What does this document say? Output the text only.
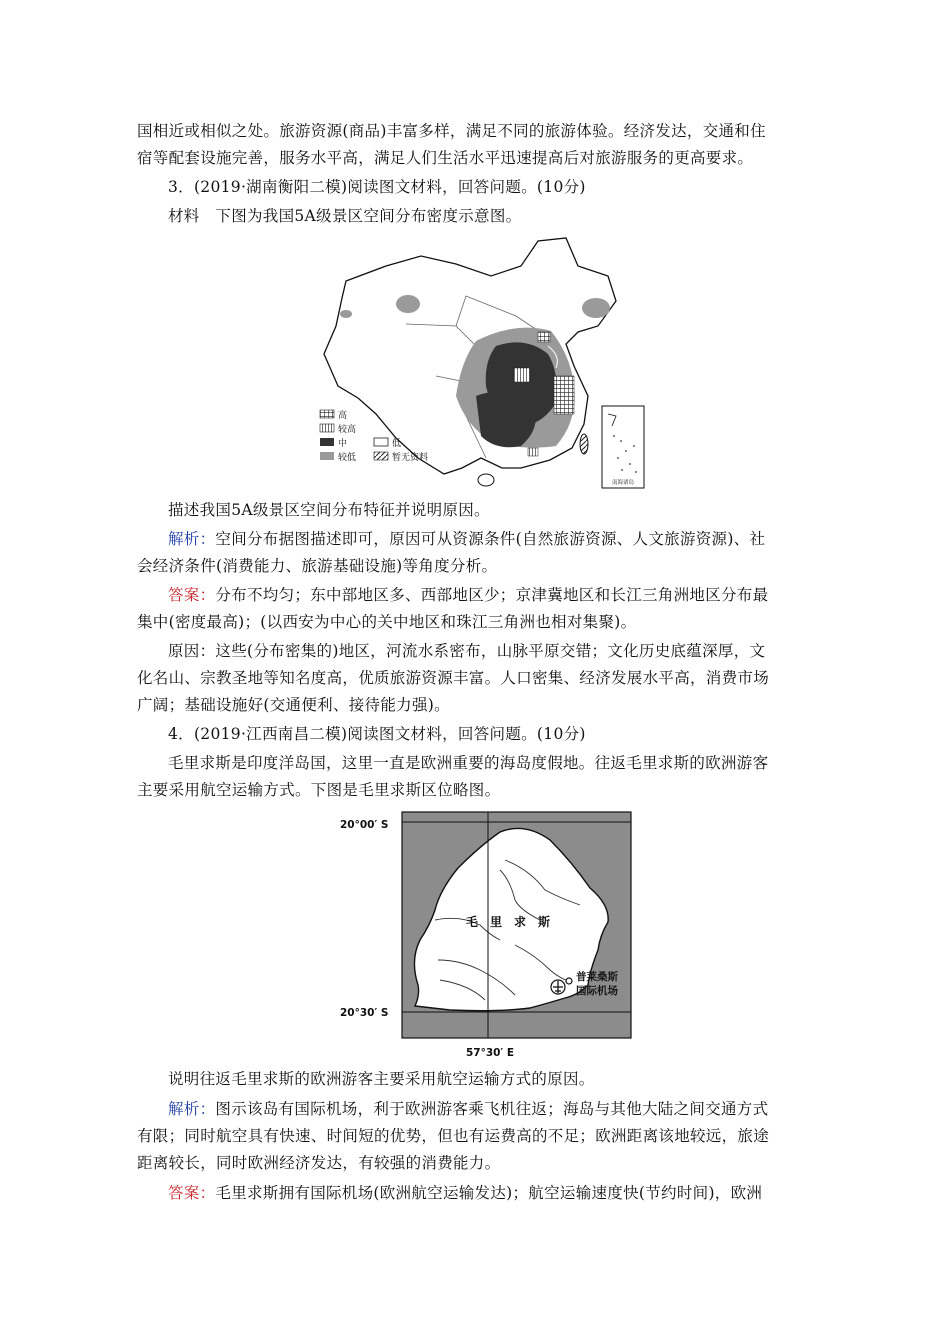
国相近或相似之处。旅游资源(商品)丰富多样，满足不同的旅游体验。经济发达，交通和住
宿等配套设施完善，服务水平高，满足人们生活水平迅速提高后对旅游服务的更高要求。
3．(2019·湖南衡阳二模)阅读图文材料，回答问题。(10分)
材料　下图为我国5A级景区空间分布密度示意图。
南海诸岛
高
较高
中	低
较低	暂无资料
描述我国5A级景区空间分布特征并说明原因。
解析：空间分布据图描述即可，原因可从资源条件(自然旅游资源、人文旅游资源)、社
会经济条件(消费能力、旅游基础设施)等角度分析。
答案：分布不均匀；东中部地区多、西部地区少；京津冀地区和长江三角洲地区分布最
集中(密度最高)；(以西安为中心的关中地区和珠江三角洲也相对集聚)。
原因：这些(分布密集的)地区，河流水系密布，山脉平原交错；文化历史底蕴深厚，文
化名山、宗教圣地等知名度高，优质旅游资源丰富。人口密集、经济发展水平高，消费市场
广阔；基础设施好(交通便利、接待能力强)。
4．(2019·江西南昌二模)阅读图文材料，回答问题。(10分)
毛里求斯是印度洋岛国，这里一直是欧洲重要的海岛度假地。往返毛里求斯的欧洲游客
主要采用航空运输方式。下图是毛里求斯区位略图。
20°00′ S
20°30′ S
57°30′ E
毛　里　求　斯
普莱桑斯
国际机场
说明往返毛里求斯的欧洲游客主要采用航空运输方式的原因。
解析：图示该岛有国际机场，利于欧洲游客乘飞机往返；海岛与其他大陆之间交通方式
有限；同时航空具有快速、时间短的优势，但也有运费高的不足；欧洲距离该地较远，旅途
距离较长，同时欧洲经济发达，有较强的消费能力。
答案：毛里求斯拥有国际机场(欧洲航空运输发达)；航空运输速度快(节约时间)，欧洲
